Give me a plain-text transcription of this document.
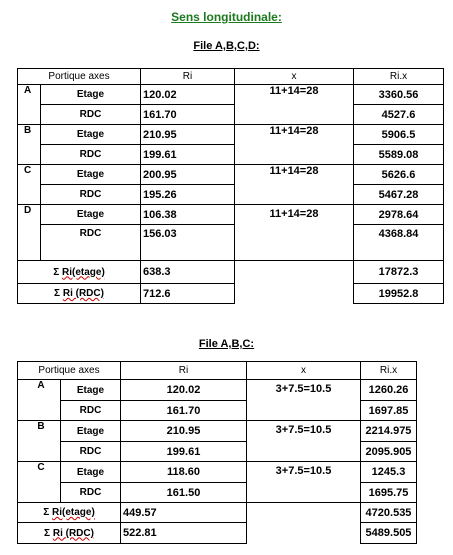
Sens longitudinale:
File A,B,C,D:
Portique axes		Ri	x	Ri.x
A	Etage	120.02	11+14=28	3360.56
	RDC	161.70		4527.6
B	Etage	210.95	11+14=28	5906.5
	RDC	199.61		5589.08
C	Etage	200.95	11+14=28	5626.6
	RDC	195.26		5467.28
D	Etage	106.38	11+14=28	2978.64
	RDC	156.03		4368.84
Σ Ri(etage)		638.3		17872.3
Σ Ri (RDC)		712.6		19952.8
File A,B,C:
Portique axes		Ri	x	Ri.x
A	Etage	120.02	3+7.5=10.5	1260.26
	RDC	161.70		1697.85
B	Etage	210.95	3+7.5=10.5	2214.975
	RDC	199.61		2095.905
C	Etage	118.60	3+7.5=10.5	1245.3
	RDC	161.50		1695.75
Σ Ri(etage)		449.57		4720.535
Σ Ri (RDC)		522.81		5489.505
